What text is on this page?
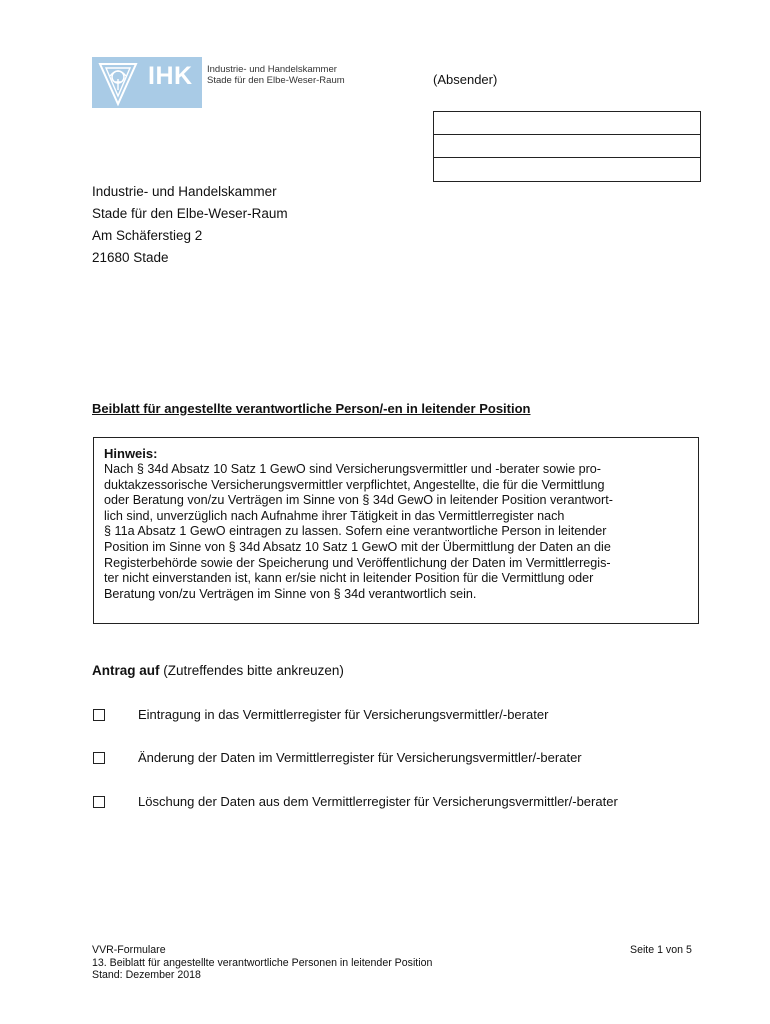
IHK Industrie- und Handelskammer
Stade für den Elbe-Weser-Raum	(Absender)
Industrie- und Handelskammer
Stade für den Elbe-Weser-Raum
Am Schäferstieg 2
21680 Stade
Beiblatt für angestellte verantwortliche Person/-en in leitender Position
Hinweis:
Nach § 34d Absatz 10 Satz 1 GewO sind Versicherungsvermittler und -berater sowie pro-
duktakzessorische Versicherungsvermittler verpflichtet, Angestellte, die für die Vermittlung
oder Beratung von/zu Verträgen im Sinne von § 34d GewO in leitender Position verantwort-
lich sind, unverzüglich nach Aufnahme ihrer Tätigkeit in das Vermittlerregister nach
§ 11a Absatz 1 GewO eintragen zu lassen. Sofern eine verantwortliche Person in leitender
Position im Sinne von § 34d Absatz 10 Satz 1 GewO mit der Übermittlung der Daten an die
Registerbehörde sowie der Speicherung und Veröffentlichung der Daten im Vermittlerregis-
ter nicht einverstanden ist, kann er/sie nicht in leitender Position für die Vermittlung oder
Beratung von/zu Verträgen im Sinne von § 34d verantwortlich sein.
Antrag auf (Zutreffendes bitte ankreuzen)
Eintragung in das Vermittlerregister für Versicherungsvermittler/-berater
Änderung der Daten im Vermittlerregister für Versicherungsvermittler/-berater
Löschung der Daten aus dem Vermittlerregister für Versicherungsvermittler/-berater
VVR-Formulare
13. Beiblatt für angestellte verantwortliche Personen in leitender Position
Stand: Dezember 2018
Seite 1 von 5
